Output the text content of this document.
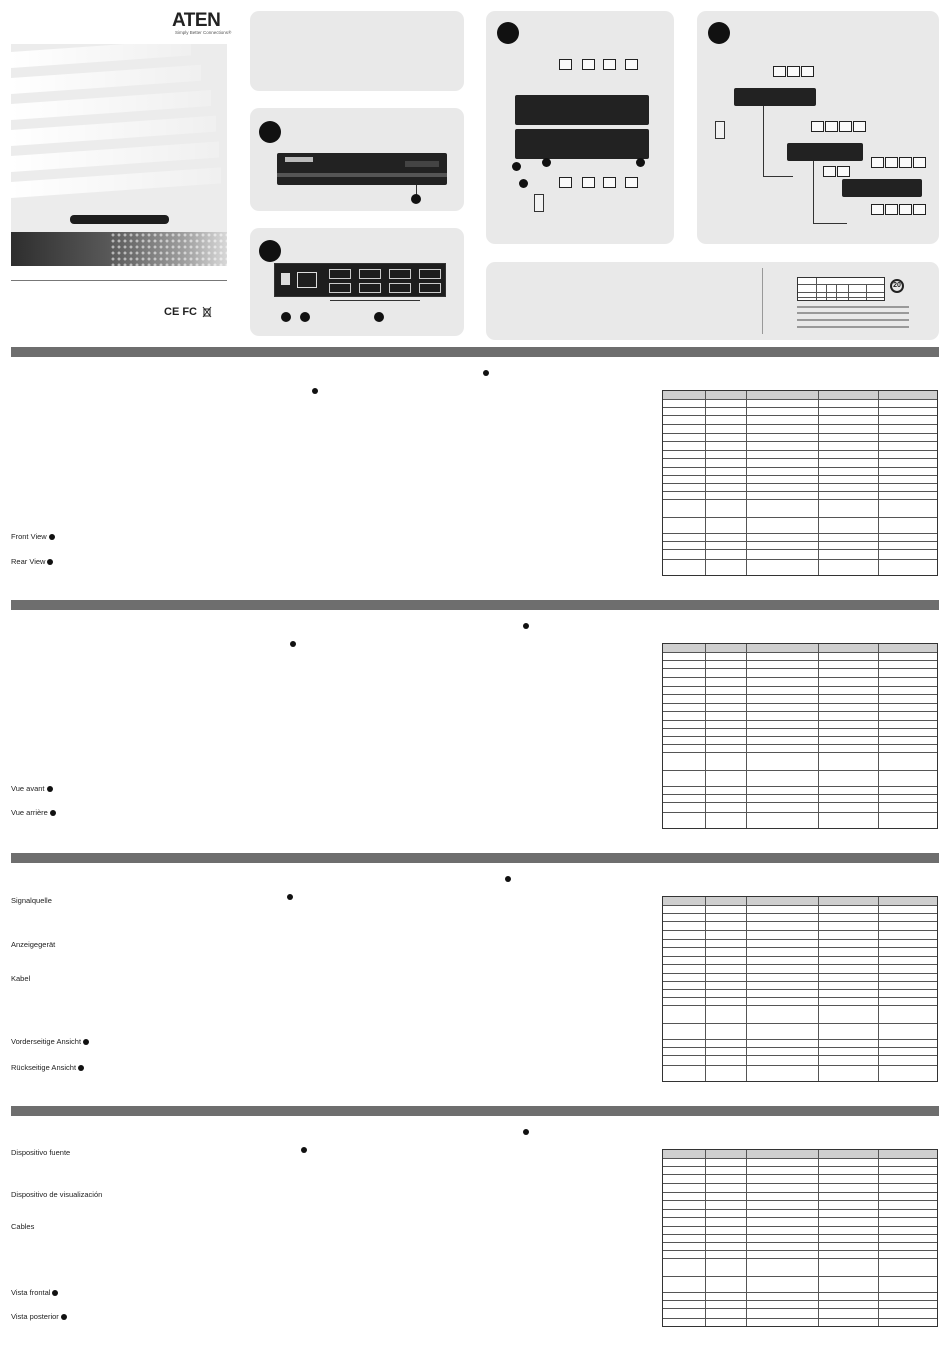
ATEN
Simply Better Connections®
CE FC
20
Front View
Rear View
Vue avant
Vue arrière
Signalquelle
Anzeigegerät
Kabel
Vorderseitige Ansicht
Rückseitige Ansicht
Dispositivo fuente
Dispositivo de visualización
Cables
Vista frontal
Vista posterior
